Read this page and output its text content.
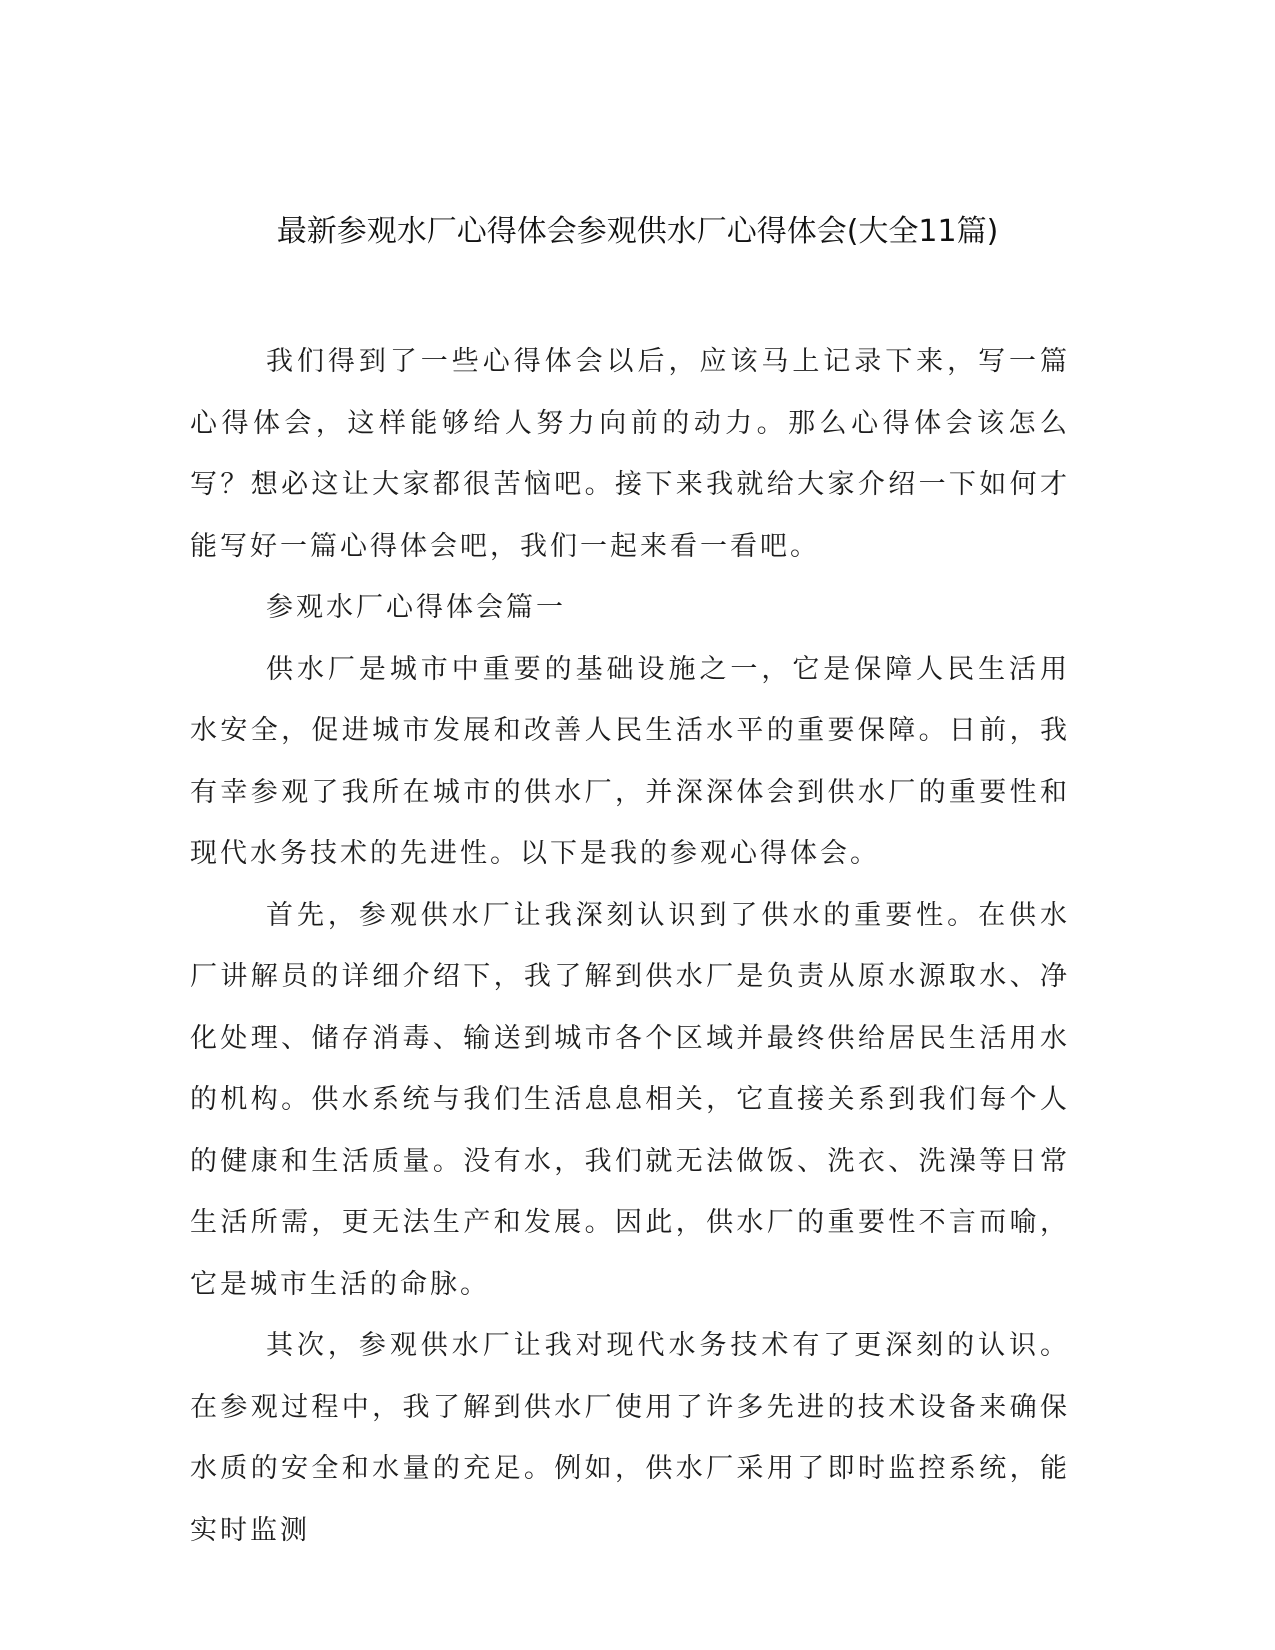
最新参观水厂心得体会参观供水厂心得体会(大全11篇)

我们得到了一些心得体会以后，应该马上记录下来，写一篇心得体会，这样能够给人努力向前的动力。那么心得体会该怎么写？想必这让大家都很苦恼吧。接下来我就给大家介绍一下如何才能写好一篇心得体会吧，我们一起来看一看吧。

参观水厂心得体会篇一

供水厂是城市中重要的基础设施之一，它是保障人民生活用水安全，促进城市发展和改善人民生活水平的重要保障。日前，我有幸参观了我所在城市的供水厂，并深深体会到供水厂的重要性和现代水务技术的先进性。以下是我的参观心得体会。

首先，参观供水厂让我深刻认识到了供水的重要性。在供水厂讲解员的详细介绍下，我了解到供水厂是负责从原水源取水、净化处理、储存消毒、输送到城市各个区域并最终供给居民生活用水的机构。供水系统与我们生活息息相关，它直接关系到我们每个人的健康和生活质量。没有水，我们就无法做饭、洗衣、洗澡等日常生活所需，更无法生产和发展。因此，供水厂的重要性不言而喻，它是城市生活的命脉。

其次，参观供水厂让我对现代水务技术有了更深刻的认识。在参观过程中，我了解到供水厂使用了许多先进的技术设备来确保水质的安全和水量的充足。例如，供水厂采用了即时监控系统，能实时监测
